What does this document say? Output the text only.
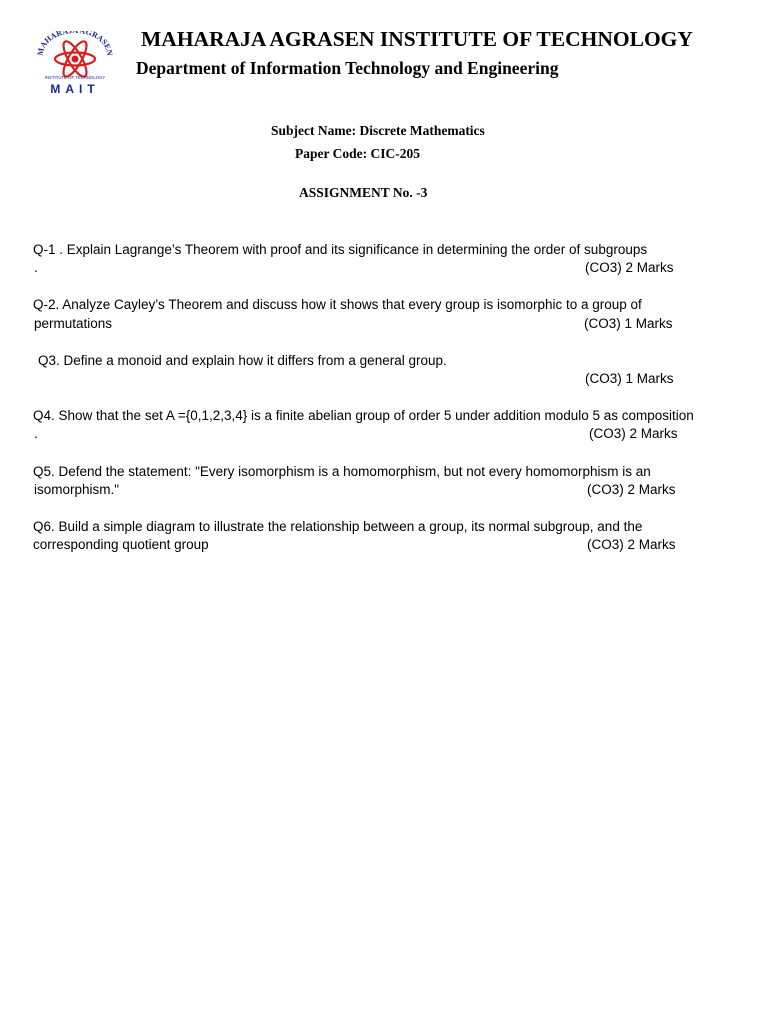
MAHARA AGRASEN
INSTITUTE OF TECHNOLOGY
MAIT
MAHARAJA AGRASEN INSTITUTE OF TECHNOLOGY
Department of Information Technology and Engineering
Subject Name: Discrete Mathematics
Paper Code: CIC-205
ASSIGNMENT No. -3
Q-1 . Explain Lagrange’s Theorem with proof and its significance in determining the order of subgroups
.	(CO3) 2 Marks
Q-2. Analyze Cayley’s Theorem and discuss how it shows that every group is isomorphic to a group of
permutations	(CO3) 1 Marks
Q3. Define a monoid and explain how it differs from a general group.
(CO3) 1 Marks
Q4. Show that the set A ={0,1,2,3,4} is a finite abelian group of order 5 under addition modulo 5 as composition
.	(CO3) 2 Marks
Q5. Defend the statement: "Every isomorphism is a homomorphism, but not every homomorphism is an
isomorphism."	(CO3) 2 Marks
Q6. Build a simple diagram to illustrate the relationship between a group, its normal subgroup, and the
corresponding quotient group	(CO3) 2 Marks
